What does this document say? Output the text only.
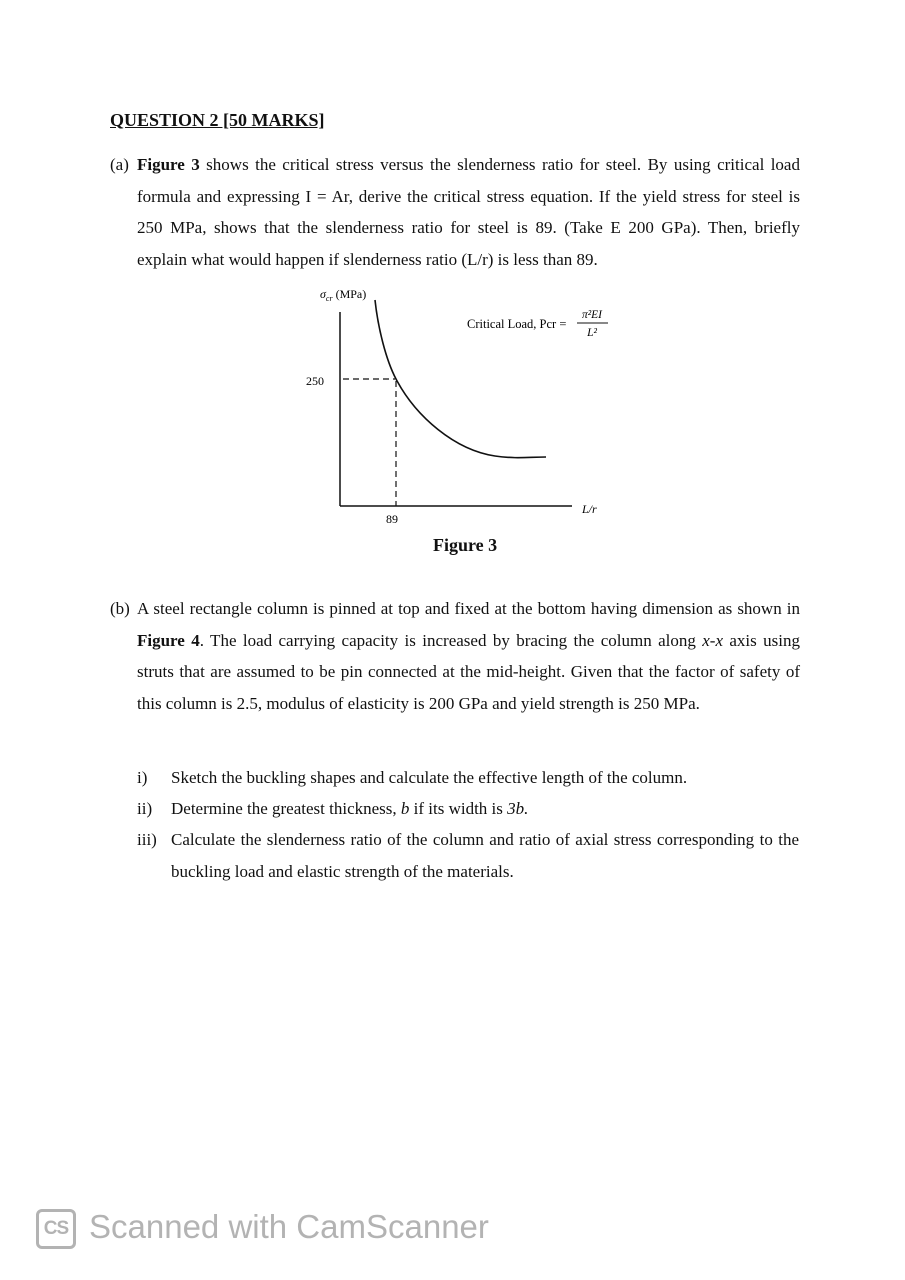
QUESTION 2 [50 MARKS]
(a) Figure 3 shows the critical stress versus the slenderness ratio for steel. By using critical load formula and expressing I = Ar, derive the critical stress equation. If the yield stress for steel is 250 MPa, shows that the slenderness ratio for steel is 89. (Take E 200 GPa). Then, briefly explain what would happen if slenderness ratio (L/r) is less than 89.
$\sigma_{cr}$ (MPa)
L/r
250
89
Critical Load, Pcr =
π²EI
L²
Figure 3
(b) A steel rectangle column is pinned at top and fixed at the bottom having dimension as shown in Figure 4. The load carrying capacity is increased by bracing the column along x-x axis using struts that are assumed to be pin connected at the mid-height. Given that the factor of safety of this column is 2.5, modulus of elasticity is 200 GPa and yield strength is 250 MPa.
i) Sketch the buckling shapes and calculate the effective length of the column.
ii) Determine the greatest thickness, b if its width is 3b.
iii) Calculate the slenderness ratio of the column and ratio of axial stress corresponding to the buckling load and elastic strength of the materials.
CS Scanned with CamScanner
